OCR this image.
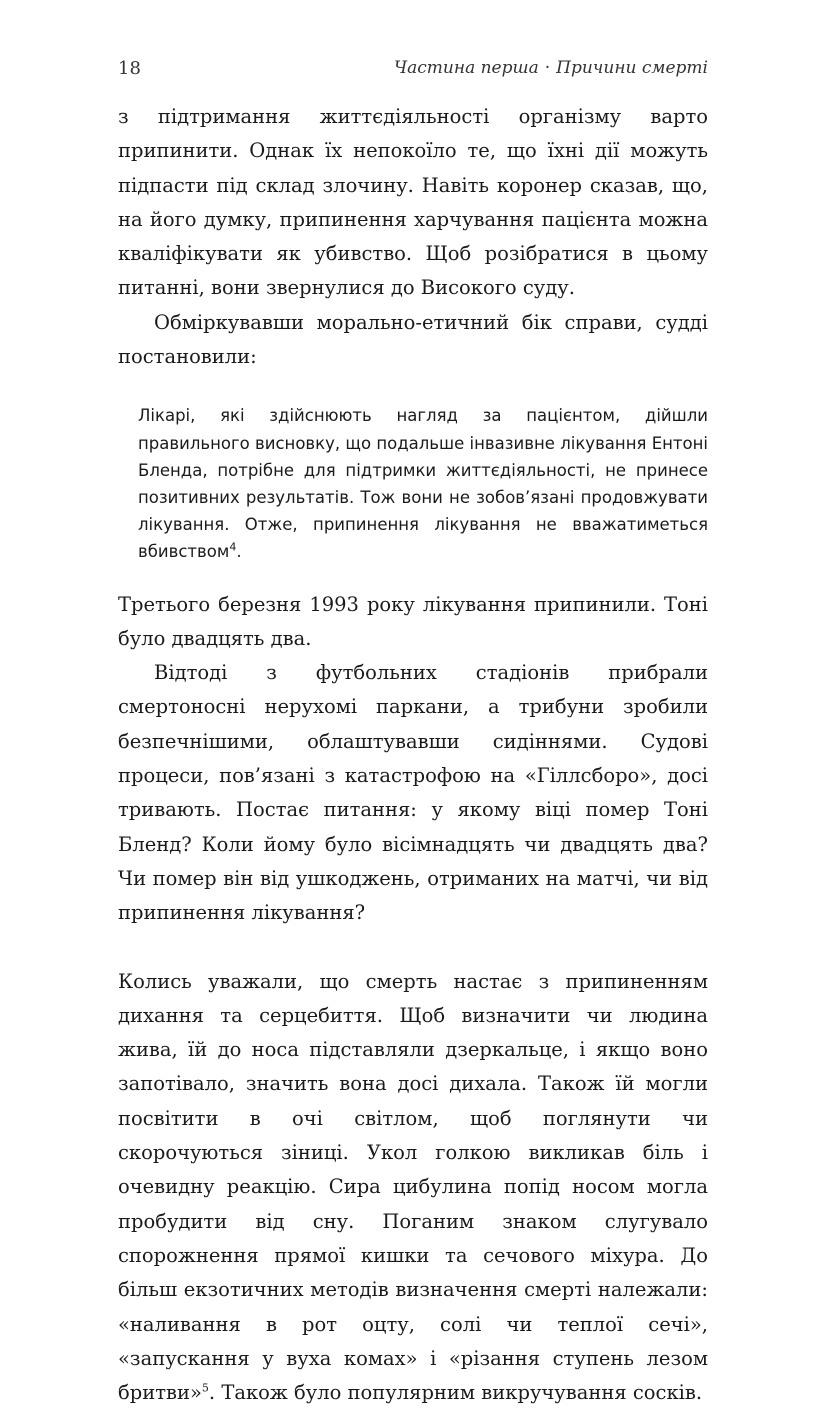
18	Частина перша · Причини смерті

з підтримання життєдіяльності організму варто припинити. Однак їх непокоїло те, що їхні дії можуть підпасти під склад злочину. Навіть коронер сказав, що, на його думку, припинення харчування пацієнта можна кваліфікувати як убивство. Щоб розібратися в цьому питанні, вони звернулися до Високого суду.

Обміркувавши морально-етичний бік справи, судді постановили:

Лікарі, які здійснюють нагляд за пацієнтом, дійшли правильного висновку, що подальше інвазивне лікування Ентоні Бленда, потрібне для підтримки життєдіяльності, не принесе позитивних результатів. Тож вони не зобов’язані продовжувати лікування. Отже, припинення лікування не вважатиметься вбивством$^4$.

Третього березня 1993 року лікування припинили. Тоні було двадцять два.

Відтоді з футбольних стадіонів прибрали смертоносні нерухомі паркани, а трибуни зробили безпечнішими, облаштувавши сидіннями. Судові процеси, пов’язані з катастрофою на «Гіллсборо», досі тривають. Постає питання: у якому віці помер Тоні Бленд? Коли йому було вісімнадцять чи двадцять два? Чи помер він від ушкоджень, отриманих на матчі, чи від припинення лікування?

Колись уважали, що смерть настає з припиненням дихання та серцебиття. Щоб визначити чи людина жива, їй до носа підставляли дзеркальце, і якщо воно запотівало, значить вона досі дихала. Також їй могли посвітити в очі світлом, щоб поглянути чи скорочуються зіниці. Укол голкою викликав біль і очевидну реакцію. Сира цибулина попід носом могла пробудити від сну. Поганим знаком слугувало спорожнення прямої кишки та сечового міхура. До більш екзотичних методів визначення смерті належали: «наливання в рот оцту, солі чи теплої сечі», «запускання у вуха комах» і «різання ступень лезом бритви»$^5$. Також було популярним викручування сосків.
